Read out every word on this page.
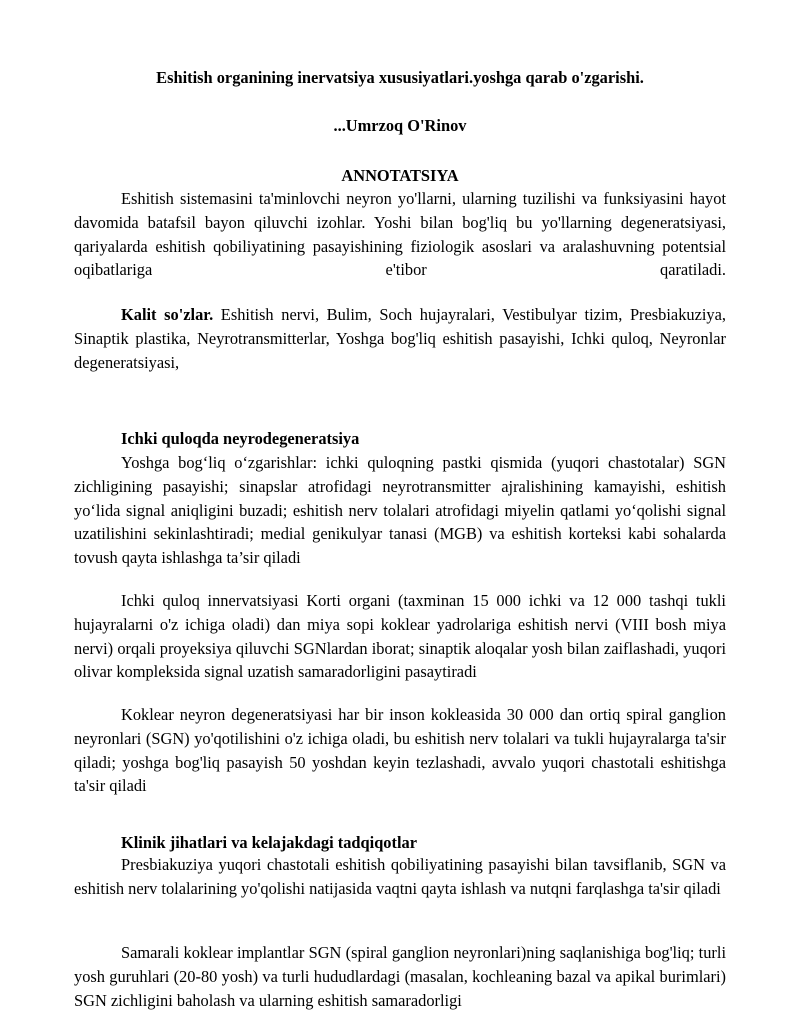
Eshitish organining inervatsiya xususiyatlari.yoshga qarab o'zgarishi.

...Umrzoq O'Rinov

ANNOTATSIYA

Eshitish sistemasini ta'minlovchi neyron yo'llarni, ularning tuzilishi va funksiyasini hayot davomida batafsil bayon qiluvchi izohlar. Yoshi bilan bog'liq bu yo'llarning degeneratsiyasi, qariyalarda eshitish qobiliyatining pasayishining fiziologik asoslari va aralashuvning potentsial oqibatlariga e'tibor qaratiladi.

Kalit so'zlar. Eshitish nervi, Bulim, Soch hujayralari, Vestibulyar tizim, Presbiakuziya, Sinaptik plastika, Neyrotransmitterlar, Yoshga bog'liq eshitish pasayishi, Ichki quloq, Neyronlar degeneratsiyasi,

Ichki quloqda neyrodegeneratsiya

Yoshga bog‘liq o‘zgarishlar: ichki quloqning pastki qismida (yuqori chastotalar) SGN zichligining pasayishi; sinapslar atrofidagi neyrotransmitter ajralishining kamayishi, eshitish yo‘lida signal aniqligini buzadi; eshitish nerv tolalari atrofidagi miyelin qatlami yo‘qolishi signal uzatilishini sekinlashtiradi; medial genikulyar tanasi (MGB) va eshitish korteksi kabi sohalarda tovush qayta ishlashga ta’sir qiladi

Ichki quloq innervatsiyasi Korti organi (taxminan 15 000 ichki va 12 000 tashqi tukli hujayralarni o'z ichiga oladi) dan miya sopi koklear yadrolariga eshitish nervi (VIII bosh miya nervi) orqali proyeksiya qiluvchi SGNlardan iborat; sinaptik aloqalar yosh bilan zaiflashadi, yuqori olivar kompleksida signal uzatish samaradorligini pasaytiradi

Koklear neyron degeneratsiyasi har bir inson kokleasida 30 000 dan ortiq spiral ganglion neyronlari (SGN) yo'qotilishini o'z ichiga oladi, bu eshitish nerv tolalari va tukli hujayralarga ta'sir qiladi; yoshga bog'liq pasayish 50 yoshdan keyin tezlashadi, avvalo yuqori chastotali eshitishga ta'sir qiladi

Klinik jihatlari va kelajakdagi tadqiqotlar

Presbiakuziya yuqori chastotali eshitish qobiliyatining pasayishi bilan tavsiflanib, SGN va eshitish nerv tolalarining yo'qolishi natijasida vaqtni qayta ishlash va nutqni farqlashga ta'sir qiladi

Samarali koklear implantlar SGN (spiral ganglion neyronlari)ning saqlanishiga bog'liq; turli yosh guruhlari (20-80 yosh) va turli hududlardagi (masalan, kochleaning bazal va apikal burimlari) SGN zichligini baholash va ularning eshitish samaradorligi
